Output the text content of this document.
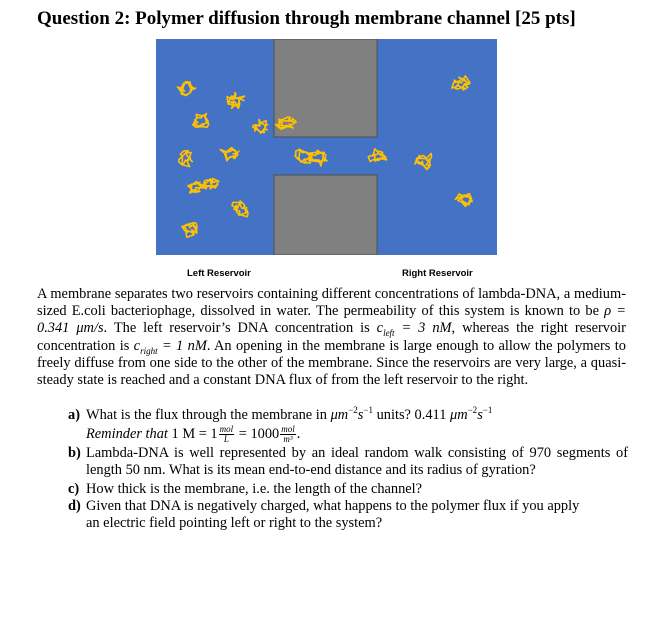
Question 2: Polymer diffusion through membrane channel [25 pts]
Left Reservoir	Right Reservoir
A membrane separates two reservoirs containing different concentrations of lambda-DNA, a medium-sized E.coli bacteriophage, dissolved in water. The permeability of this system is known to be ρ = 0.341 μm/s. The left reservoir’s DNA concentration is $c_{left} = 3$ nM, whereas the right reservoir concentration is $c_{right} = 1$ nM. An opening in the membrane is large enough to allow the polymers to freely diffuse from one side to the other of the membrane. Since the reservoirs are very large, a quasi-steady state is reached and a constant DNA flux of from the left reservoir to the right.
a) What is the flux through the membrane in $\mu m^{-2}s^{-1}$ units? 0.411 $\mu m^{-2}s^{-1}$
Reminder that 1 $M = 1 \frac{\text{mol}}{L} = 1000 \frac{\text{mol}}{\text{m³}}$ .
b) Lambda-DNA is well represented by an ideal random walk consisting of 970 segments of length 50 nm. What is its mean end-to-end distance and its radius of gyration?
c) How thick is the membrane, i.e. the length of the channel?
d) Given that DNA is negatively charged, what happens to the polymer flux if you apply
an electric field pointing left or right to the system?
